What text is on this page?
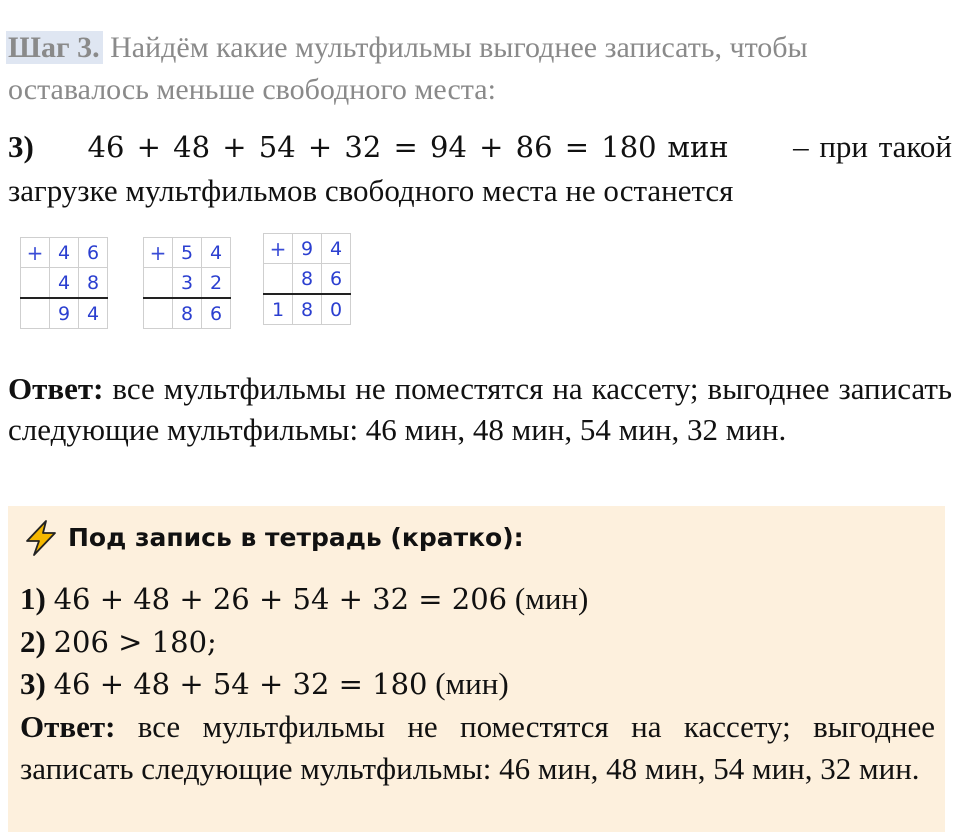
Шаг 3. Найдём какие мультфильмы выгоднее записать, чтобы оставалось меньше свободного места:
3) 46 + 48 + 54 + 32 = 94 + 86 = 180 мин – при такой загрузке мультфильмов свободного места не останется
+	4	6
	4	8
	9	4
+	5	4
	3	2
	8	6
+	9	4
	8	6
1	8	0
Ответ: все мультфильмы не поместятся на кассету; выгоднее записать следующие мультфильмы: 46 мин, 48 мин, 54 мин, 32 мин.
Под запись в тетрадь (кратко):
1) 46 + 48 + 26 + 54 + 32 = 206 (мин)
2) 206 > 180;
3) 46 + 48 + 54 + 32 = 180 (мин)
Ответ: все мультфильмы не поместятся на кассету; выгоднее записать следующие мультфильмы: 46 мин, 48 мин, 54 мин, 32 мин.
